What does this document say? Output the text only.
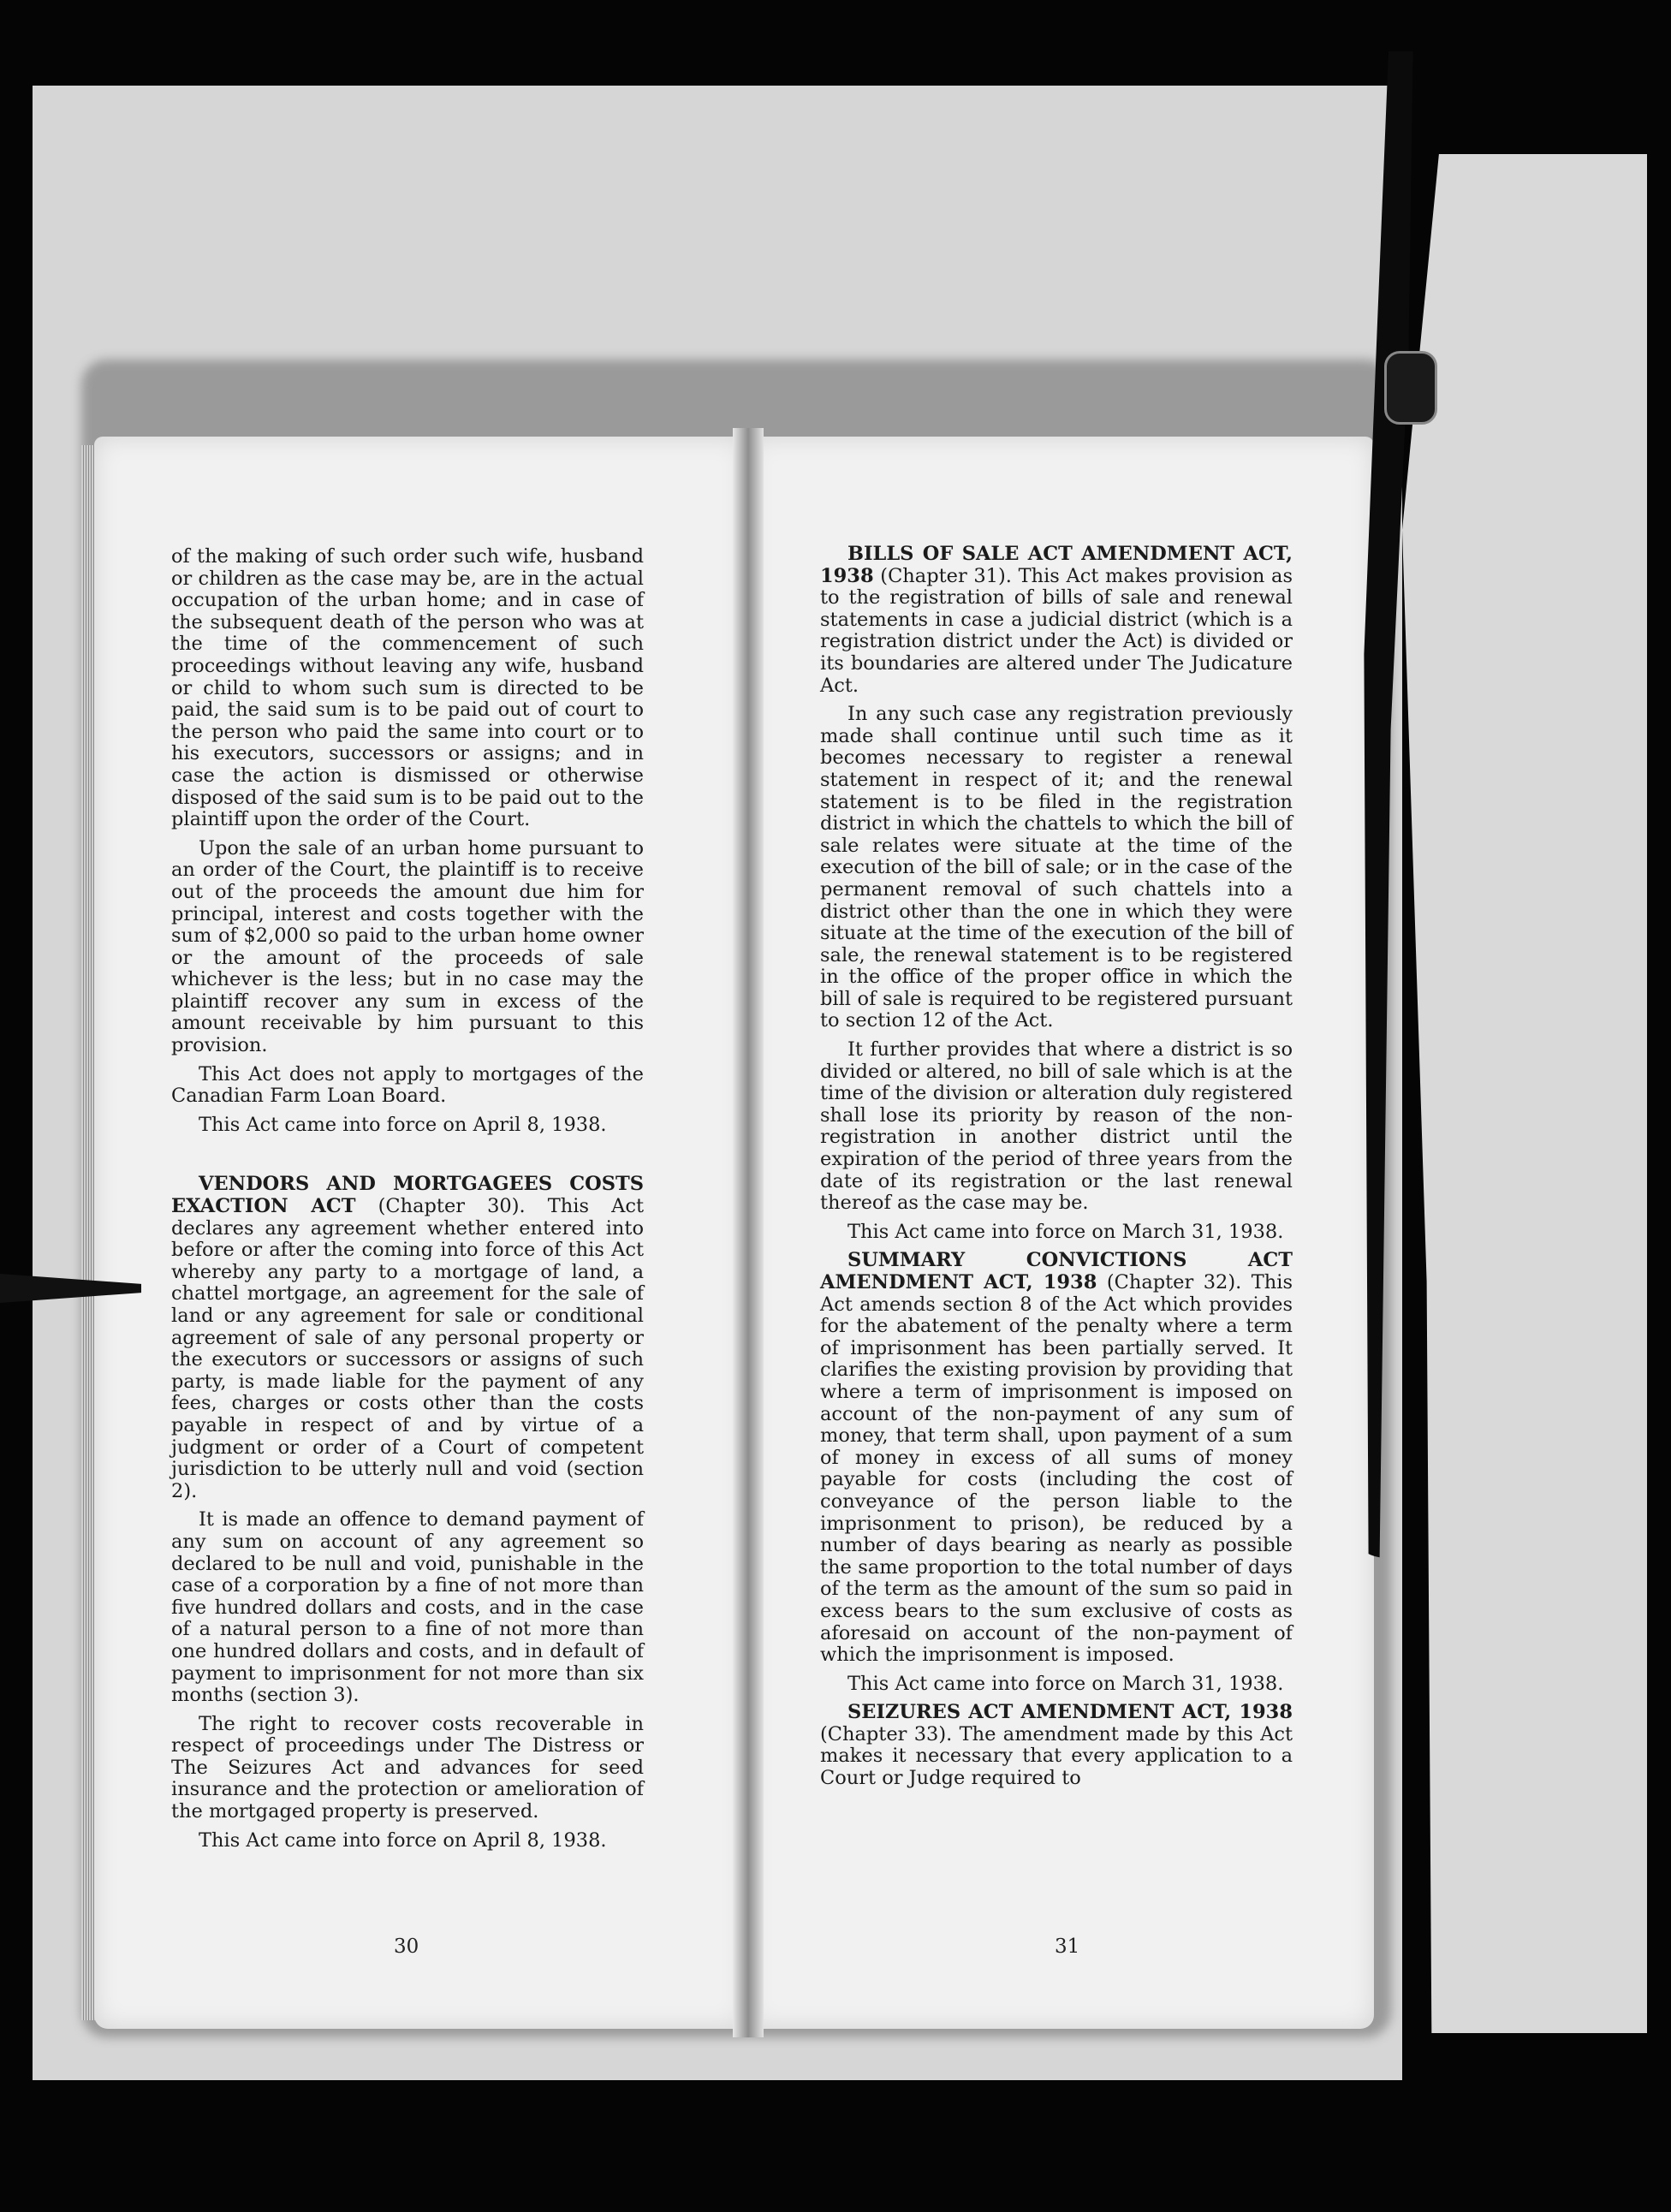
of the making of such order such wife, husband or children as the case may be, are in the actual occupation of the urban home; and in case of the subsequent death of the person who was at the time of the commencement of such proceedings without leaving any wife, husband or child to whom such sum is directed to be paid, the said sum is to be paid out of court to the person who paid the same into court or to his executors, successors or assigns; and in case the action is dismissed or otherwise disposed of the said sum is to be paid out to the plaintiff upon the order of the Court.

Upon the sale of an urban home pursuant to an order of the Court, the plaintiff is to receive out of the proceeds the amount due him for principal, interest and costs together with the sum of $2,000 so paid to the urban home owner or the amount of the proceeds of sale whichever is the less; but in no case may the plaintiff recover any sum in excess of the amount receivable by him pursuant to this provision.

This Act does not apply to mortgages of the Canadian Farm Loan Board.

This Act came into force on April 8, 1938.

VENDORS AND MORTGAGEES COSTS EXACTION ACT (Chapter 30). This Act declares any agreement whether entered into before or after the coming into force of this Act whereby any party to a mortgage of land, a chattel mortgage, an agreement for the sale of land or any agreement for sale or conditional agreement of sale of any personal property or the executors or successors or assigns of such party, is made liable for the payment of any fees, charges or costs other than the costs payable in respect of and by virtue of a judgment or order of a Court of competent jurisdiction to be utterly null and void (section 2).

It is made an offence to demand payment of any sum on account of any agreement so declared to be null and void, punishable in the case of a corporation by a fine of not more than five hundred dollars and costs, and in the case of a natural person to a fine of not more than one hundred dollars and costs, and in default of payment to imprisonment for not more than six months (section 3).

The right to recover costs recoverable in respect of proceedings under The Distress or The Seizures Act and advances for seed insurance and the protection or amelioration of the mortgaged property is preserved.

This Act came into force on April 8, 1938.

30

BILLS OF SALE ACT AMENDMENT ACT, 1938 (Chapter 31). This Act makes provision as to the registration of bills of sale and renewal statements in case a judicial district (which is a registration district under the Act) is divided or its boundaries are altered under The Judicature Act.

In any such case any registration previously made shall continue until such time as it becomes necessary to register a renewal statement in respect of it; and the renewal statement is to be filed in the registration district in which the chattels to which the bill of sale relates were situate at the time of the execution of the bill of sale; or in the case of the permanent removal of such chattels into a district other than the one in which they were situate at the time of the execution of the bill of sale, the renewal statement is to be registered in the office of the proper office in which the bill of sale is required to be registered pursuant to section 12 of the Act.

It further provides that where a district is so divided or altered, no bill of sale which is at the time of the division or alteration duly registered shall lose its priority by reason of the non-registration in another district until the expiration of the period of three years from the date of its registration or the last renewal thereof as the case may be.

This Act came into force on March 31, 1938.

SUMMARY CONVICTIONS ACT AMENDMENT ACT, 1938 (Chapter 32). This Act amends section 8 of the Act which provides for the abatement of the penalty where a term of imprisonment has been partially served. It clarifies the existing provision by providing that where a term of imprisonment is imposed on account of the non-payment of any sum of money, that term shall, upon payment of a sum of money in excess of all sums of money payable for costs (including the cost of conveyance of the person liable to the imprisonment to prison), be reduced by a number of days bearing as nearly as possible the same proportion to the total number of days of the term as the amount of the sum so paid in excess bears to the sum exclusive of costs as aforesaid on account of the non-payment of which the imprisonment is imposed.

This Act came into force on March 31, 1938.

SEIZURES ACT AMENDMENT ACT, 1938 (Chapter 33). The amendment made by this Act makes it necessary that every application to a Court or Judge required to

31
